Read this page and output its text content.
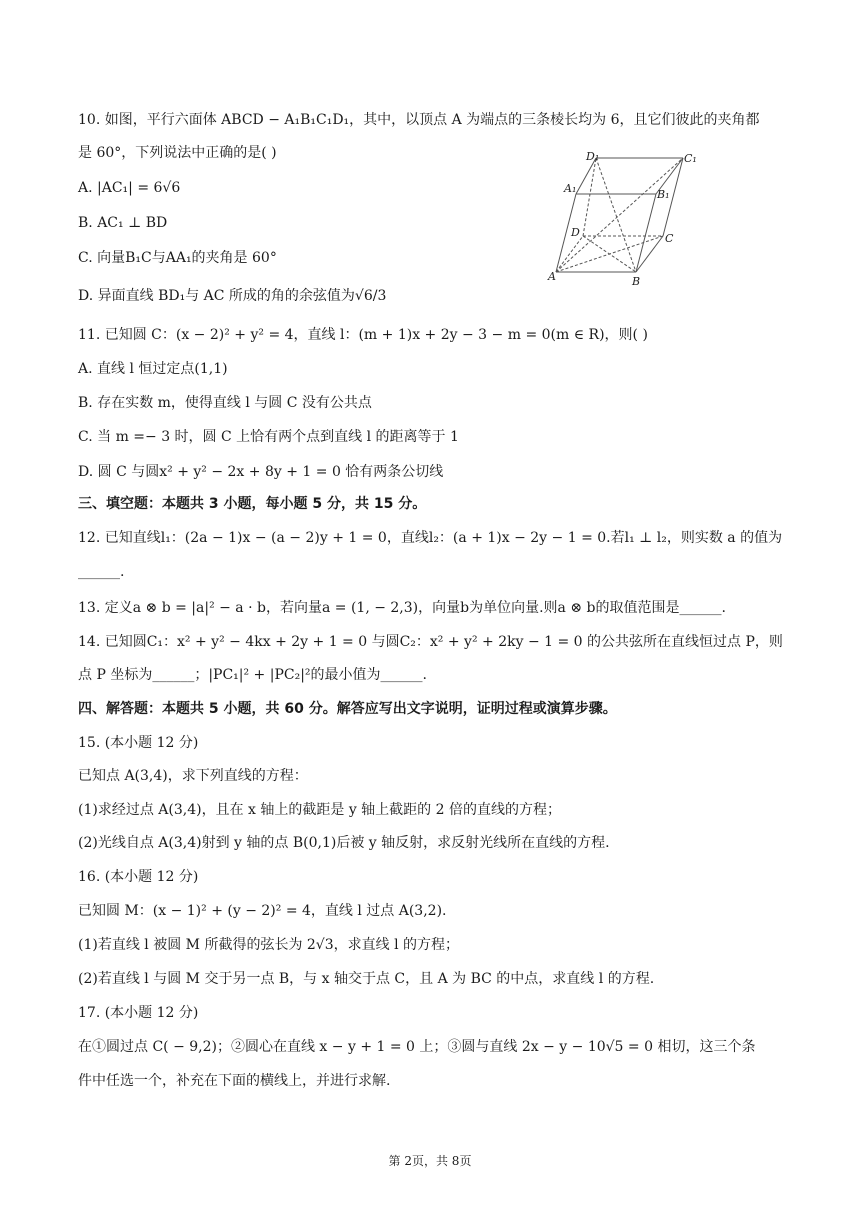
10. 如图，平行六面体 ABCD − A₁B₁C₁D₁，其中，以顶点 A 为端点的三条棱长均为 6，且它们彼此的夹角都
是 60°，下列说法中正确的是( )
A. |AC₁| = 6√6
B. AC₁ ⊥ BD
C. 向量B₁C与AA₁的夹角是 60°
D. 异面直线 BD₁与 AC 所成的角的余弦值为√6/3
D₁	C₁
A₁	B₁
D	C
A	B
11. 已知圆 C：(x − 2)² + y² = 4，直线 l：(m + 1)x + 2y − 3 − m = 0(m ∈ R)，则( )
A. 直线 l 恒过定点(1,1)
B. 存在实数 m，使得直线 l 与圆 C 没有公共点
C. 当 m =− 3 时，圆 C 上恰有两个点到直线 l 的距离等于 1
D. 圆 C 与圆x² + y² − 2x + 8y + 1 = 0 恰有两条公切线
三、填空题：本题共 3 小题，每小题 5 分，共 15 分。
12. 已知直线l₁：(2a − 1)x − (a − 2)y + 1 = 0，直线l₂：(a + 1)x − 2y − 1 = 0.若l₁ ⊥ l₂，则实数 a 的值为
______.
13. 定义a ⊗ b = |a|² − a · b，若向量a = (1, − 2,3)，向量b为单位向量.则a ⊗ b的取值范围是______.
14. 已知圆C₁：x² + y² − 4kx + 2y + 1 = 0 与圆C₂：x² + y² + 2ky − 1 = 0 的公共弦所在直线恒过点 P，则
点 P 坐标为______；|PC₁|² + |PC₂|²的最小值为______.
四、解答题：本题共 5 小题，共 60 分。解答应写出文字说明，证明过程或演算步骤。
15. (本小题 12 分)
已知点 A(3,4)，求下列直线的方程：
(1)求经过点 A(3,4)，且在 x 轴上的截距是 y 轴上截距的 2 倍的直线的方程；
(2)光线自点 A(3,4)射到 y 轴的点 B(0,1)后被 y 轴反射，求反射光线所在直线的方程.
16. (本小题 12 分)
已知圆 M：(x − 1)² + (y − 2)² = 4，直线 l 过点 A(3,2).
(1)若直线 l 被圆 M 所截得的弦长为 2√3，求直线 l 的方程；
(2)若直线 l 与圆 M 交于另一点 B，与 x 轴交于点 C，且 A 为 BC 的中点，求直线 l 的方程.
17. (本小题 12 分)
在①圆过点 C( − 9,2)；②圆心在直线 x − y + 1 = 0 上；③圆与直线 2x − y − 10√5 = 0 相切，这三个条
件中任选一个，补充在下面的横线上，并进行求解.
第 2页，共 8页
